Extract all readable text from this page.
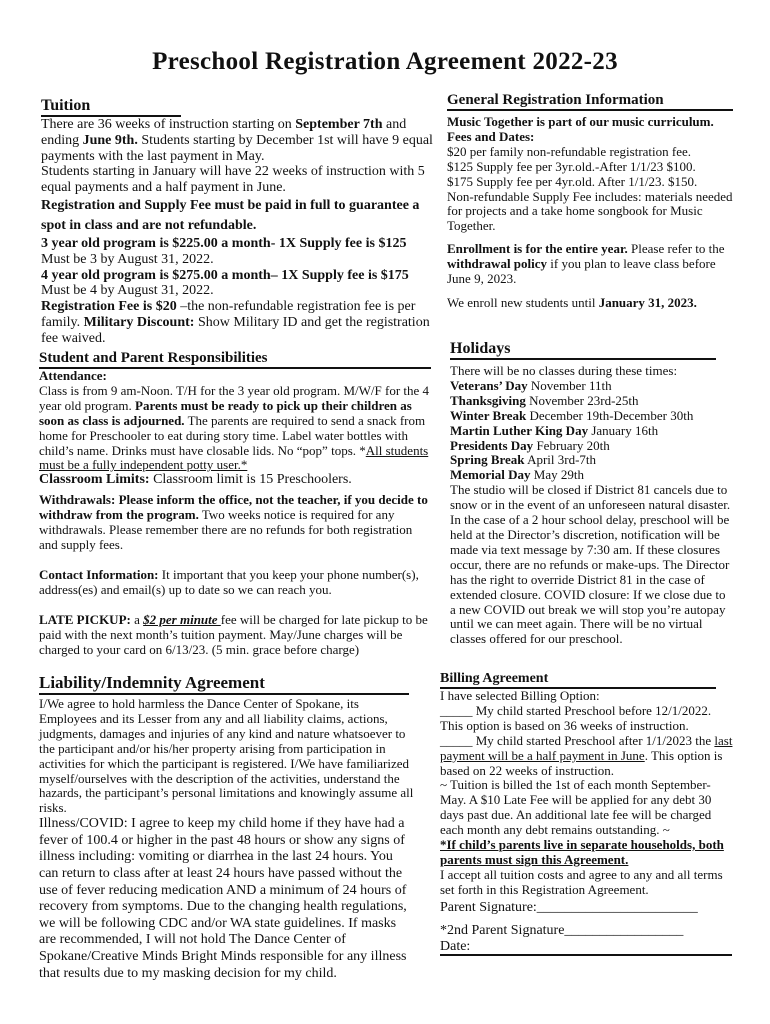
Preschool Registration Agreement 2022-23
Tuition

There are 36 weeks of instruction starting on September 7th and ending June 9th. Students starting by December 1st will have 9 equal payments with the last payment in May.

Students starting in January will have 22 weeks of instruction with 5 equal payments and a half payment in June.

Registration and Supply Fee must be paid in full to guarantee a spot in class and are not refundable.

3 year old program is $225.00 a month- 1X Supply fee is $125

Must be 3 by August 31, 2022.

4 year old program is $275.00 a month– 1X Supply fee is $175

Must be 4 by August 31, 2022.

Registration Fee is $20 –the non-refundable registration fee is per family. Military Discount: Show Military ID and get the registration fee waived.

Student and Parent Responsibilities

Attendance:

Class is from 9 am-Noon. T/H for the 3 year old program. M/W/F for the 4 year old program. Parents must be ready to pick up their children as soon as class is adjourned. The parents are required to send a snack from home for Preschooler to eat during story time. Label water bottles with child’s name. Drinks must have closable lids. No “pop” tops. *All students must be a fully independent potty user.*

Classroom Limits: Classroom limit is 15 Preschoolers.

Withdrawals: Please inform the office, not the teacher, if you decide to withdraw from the program. Two weeks notice is required for any withdrawals. Please remember there are no refunds for both registration and supply fees.

Contact Information: It important that you keep your phone number(s), address(es) and email(s) up to date so we can reach you.

LATE PICKUP: a $2 per minute fee will be charged for late pickup to be paid with the next month’s tuition payment. May/June charges will be charged to your card on 6/13/23. (5 min. grace before charge)

Liability/Indemnity Agreement

I/We agree to hold harmless the Dance Center of Spokane, its Employees and its Lesser from any and all liability claims, actions, judgments, damages and injuries of any kind and nature whatsoever to the participant and/or his/her property arising from participation in activities for which the participant is registered. I/We have familiarized myself/ourselves with the description of the activities, understand the hazards, the participant’s personal limitations and knowingly assume all risks.

Illness/COVID: I agree to keep my child home if they have had a fever of 100.4 or higher in the past 48 hours or show any signs of illness including: vomiting or diarrhea in the last 24 hours. You can return to class after at least 24 hours have passed without the use of fever reducing medication AND a minimum of 24 hours of recovery from symptoms. Due to the changing health regulations, we will be following CDC and/or WA state guidelines. If masks are recommended, I will not hold The Dance Center of Spokane/Creative Minds Bright Minds responsible for any illness that results due to my masking decision for my child.

General Registration Information

Music Together is part of our music curriculum.

Fees and Dates:

$20 per family non-refundable registration fee.

$125 Supply fee per 3yr.old.-After 1/1/23 $100.

$175 Supply fee per 4yr.old. After 1/1/23. $150.

Non-refundable Supply Fee includes: materials needed for projects and a take home songbook for Music Together.

Enrollment is for the entire year. Please refer to the withdrawal policy if you plan to leave class before June 9, 2023.

We enroll new students until January 31, 2023.

Holidays

There will be no classes during these times:

Veterans’ Day November 11th

Thanksgiving November 23rd-25th

Winter Break December 19th-December 30th

Martin Luther King Day January 16th

Presidents Day February 20th

Spring Break April 3rd-7th

Memorial Day May 29th

The studio will be closed if District 81 cancels due to snow or in the event of an unforeseen natural disaster. In the case of a 2 hour school delay, preschool will be held at the Director’s discretion, notification will be made via text message by 7:30 am. If these closures occur, there are no refunds or make-ups. The Director has the right to override District 81 in the case of extended closure. COVID closure: If we close due to a new COVID out break we will stop you’re autopay until we can meet again. There will be no virtual classes offered for our preschool.

Billing Agreement

I have selected Billing Option:

_____ My child started Preschool before 12/1/2022. This option is based on 36 weeks of instruction.

_____ My child started Preschool after 1/1/2023 the last payment will be a half payment in June. This option is based on 22 weeks of instruction.

~ Tuition is billed the 1st of each month September-May. A $10 Late Fee will be applied for any debt 30 days past due. An additional late fee will be charged each month any debt remains outstanding. ~

*If child’s parents live in separate households, both parents must sign this Agreement.

I accept all tuition costs and agree to any and all terms set forth in this Registration Agreement.

Parent Signature:_______________________

*2nd Parent Signature_________________

Date:
